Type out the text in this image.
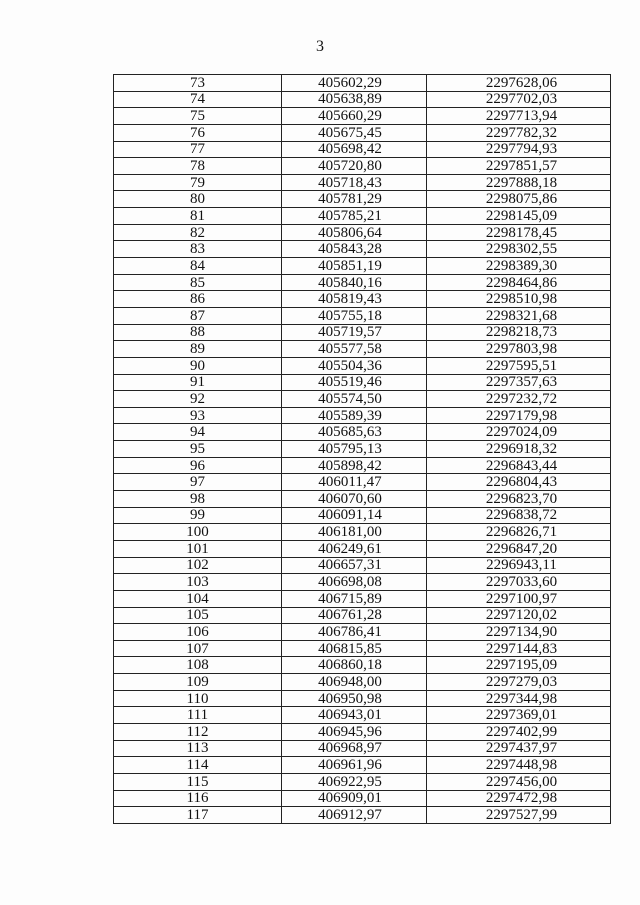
3
73	405602,29	2297628,06
74	405638,89	2297702,03
75	405660,29	2297713,94
76	405675,45	2297782,32
77	405698,42	2297794,93
78	405720,80	2297851,57
79	405718,43	2297888,18
80	405781,29	2298075,86
81	405785,21	2298145,09
82	405806,64	2298178,45
83	405843,28	2298302,55
84	405851,19	2298389,30
85	405840,16	2298464,86
86	405819,43	2298510,98
87	405755,18	2298321,68
88	405719,57	2298218,73
89	405577,58	2297803,98
90	405504,36	2297595,51
91	405519,46	2297357,63
92	405574,50	2297232,72
93	405589,39	2297179,98
94	405685,63	2297024,09
95	405795,13	2296918,32
96	405898,42	2296843,44
97	406011,47	2296804,43
98	406070,60	2296823,70
99	406091,14	2296838,72
100	406181,00	2296826,71
101	406249,61	2296847,20
102	406657,31	2296943,11
103	406698,08	2297033,60
104	406715,89	2297100,97
105	406761,28	2297120,02
106	406786,41	2297134,90
107	406815,85	2297144,83
108	406860,18	2297195,09
109	406948,00	2297279,03
110	406950,98	2297344,98
111	406943,01	2297369,01
112	406945,96	2297402,99
113	406968,97	2297437,97
114	406961,96	2297448,98
115	406922,95	2297456,00
116	406909,01	2297472,98
117	406912,97	2297527,99
